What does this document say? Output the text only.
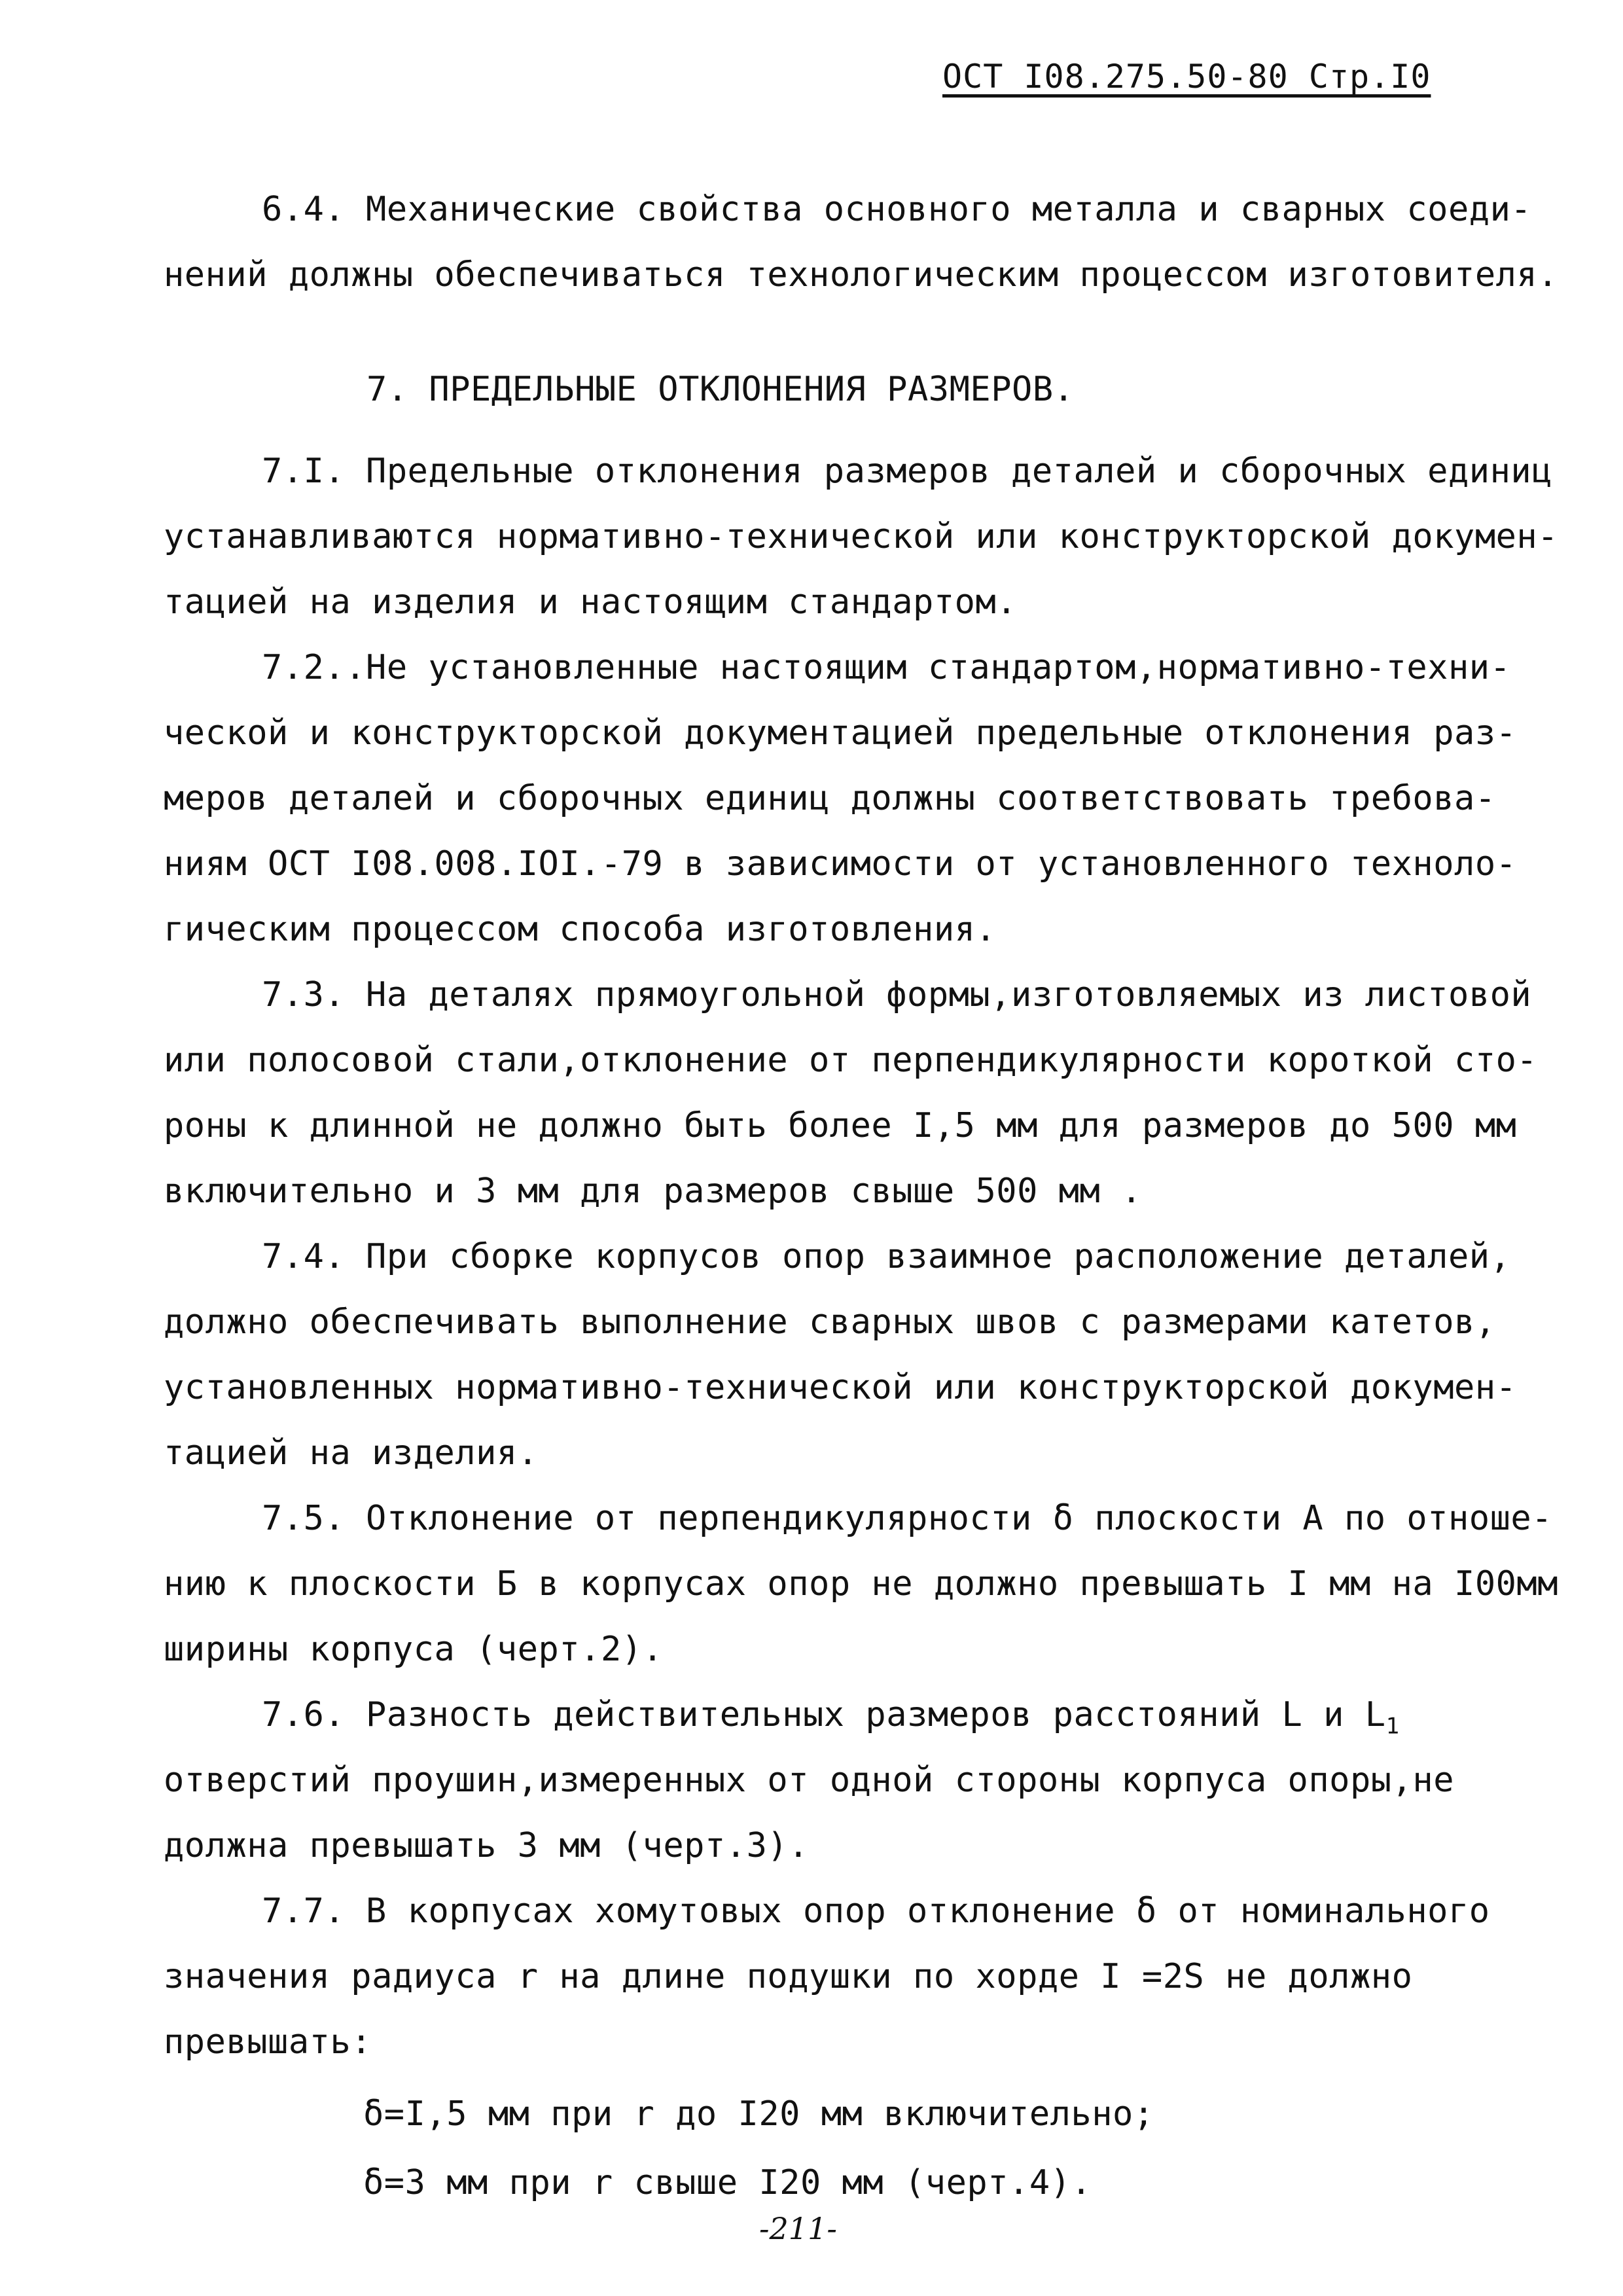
ОСТ I08.275.50-80 Стр.I0
6.4. Механические свойства основного металла и сварных соеди-
нений должны обеспечиваться технологическим процессом изготовителя.
7. ПРЕДЕЛЬНЫЕ ОТКЛОНЕНИЯ РАЗМЕРОВ.
7.I. Предельные отклонения размеров деталей и сборочных единиц
устанавливаются нормативно-технической или конструкторской докумен-
тацией на изделия и настоящим стандартом.
7.2..Не установленные настоящим стандартом,нормативно-техни-
ческой и конструкторской документацией предельные отклонения раз-
меров деталей и сборочных единиц должны соответствовать требова-
ниям ОСТ I08.008.IOI.-79 в зависимости от установленного техноло-
гическим процессом способа изготовления.
7.3. На деталях прямоугольной формы,изготовляемых из листовой
или полосовой стали,отклонение от перпендикулярности короткой сто-
роны к длинной не должно быть более I,5 мм для размеров до 500 мм
включительно и 3 мм для размеров свыше 500 мм .
7.4. При сборке корпусов опор взаимное расположение деталей,
должно обеспечивать выполнение сварных швов с размерами катетов,
установленных нормативно-технической или конструкторской докумен-
тацией на изделия.
7.5. Отклонение от перпендикулярности δ плоскости А по отноше-
нию к плоскости Б в корпусах опор не должно превышать I мм на I00мм
ширины корпуса (черт.2).
7.6. Разность действительных размеров расстояний L и $L_1$
отверстий проушин,измеренных от одной стороны корпуса опоры,не
должна превышать 3 мм (черт.3).
7.7. В корпусах хомутовых опор отклонение δ от номинального
значения радиуса r на длине подушки по хорде I =2S не должно
превышать:
δ=I,5 мм при r до I20 мм включительно;
δ=3 мм при r свыше I20 мм (черт.4).
-211-
